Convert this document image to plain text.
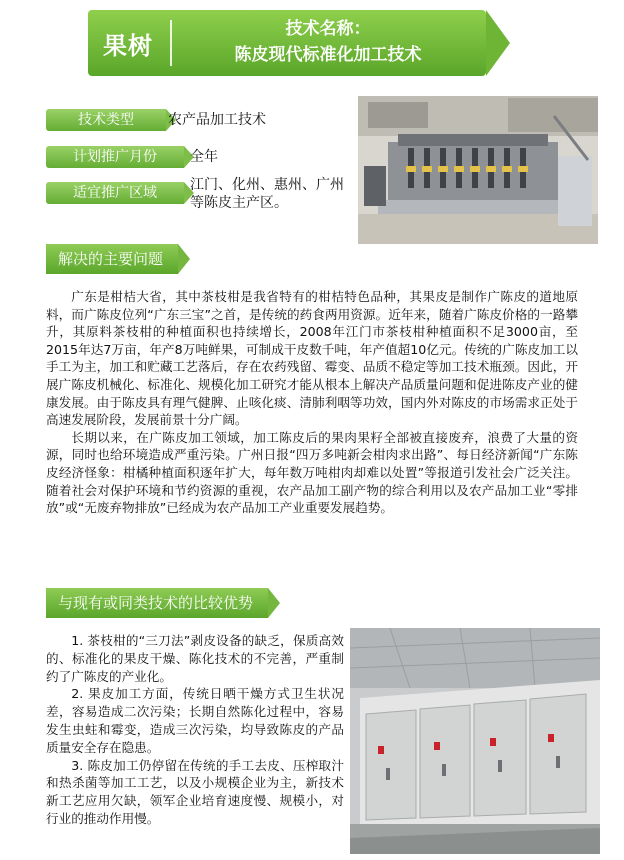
果树
技术名称：
陈皮现代标准化加工技术
技术类型	农产品加工技术
计划推广月份	全年
适宜推广区域	江门、化州、惠州、广州
等陈皮主产区。
解决的主要问题

广东是柑桔大省，其中茶枝柑是我省特有的柑桔特色品种，其果皮是制作广陈皮的道地原料，而广陈皮位列“广东三宝”之首，是传统的药食两用资源。近年来，随着广陈皮价格的一路攀升，其原料茶枝柑的种植面积也持续增长，2008年江门市茶枝柑种植面积不足3000亩，至2015年达7万亩，年产8万吨鲜果，可制成干皮数千吨，年产值超10亿元。传统的广陈皮加工以手工为主，加工和贮藏工艺落后，存在农药残留、霉变、品质不稳定等加工技术瓶颈。因此，开展广陈皮机械化、标准化、规模化加工研究才能从根本上解决产品质量问题和促进陈皮产业的健康发展。由于陈皮具有理气健脾、止咳化痰、清肺利咽等功效，国内外对陈皮的市场需求正处于高速发展阶段，发展前景十分广阔。

长期以来，在广陈皮加工领域，加工陈皮后的果肉果籽全部被直接废弃，浪费了大量的资源，同时也给环境造成严重污染。广州日报“四万多吨新会柑肉求出路”、每日经济新闻“广东陈皮经济怪象：柑橘种植面积逐年扩大，每年数万吨柑肉却难以处置”等报道引发社会广泛关注。随着社会对保护环境和节约资源的重视，农产品加工副产物的综合利用以及农产品加工业“零排放”或“无废弃物排放”已经成为农产品加工产业重要发展趋势。

与现有或同类技术的比较优势

1. 茶枝柑的“三刀法”剥皮设备的缺乏，保质高效的、标准化的果皮干燥、陈化技术的不完善，严重制约了广陈皮的产业化。

2. 果皮加工方面，传统日晒干燥方式卫生状况差，容易造成二次污染；长期自然陈化过程中，容易发生虫蛀和霉变，造成三次污染，均导致陈皮的产品质量安全存在隐患。

3. 陈皮加工仍停留在传统的手工去皮、压榨取汁和热杀菌等加工工艺，以及小规模企业为主，新技术新工艺应用欠缺，领军企业培育速度慢、规模小，对行业的推动作用慢。
